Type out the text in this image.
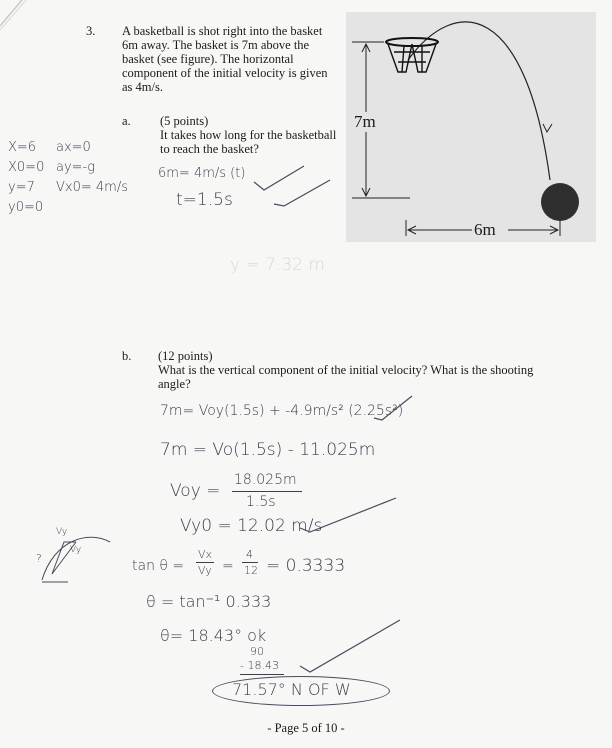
3. A basketball is shot right into the basket
6m away. The basket is 7m above the
basket (see figure). The horizontal
component of the initial velocity is given
as 4m/s.
7m
6m
a. (5 points)
It takes how long for the basketball
to reach the basket?
X=6 ax=0
X0=0 ay=-g
y=7 Vx0= 4m/s
y0=0
6m= 4m/s (t)
t=1.5s
y = 7.32 m
b. (12 points)
What is the vertical component of the initial velocity? What is the shooting
angle?
7m= Voy(1.5s) + -4.9m/s² (2.25s²)
7m = Vo(1.5s) - 11.025m
Voy =
18.025m
1.5s
Vy0 = 12.02 m/s
Vy
?
Vy
tan θ =
Vx
Vy =
4
12 = 0.3333
θ = tan⁻¹ 0.333
θ= 18.43° ok
90
- 18.43
71.57° N OF W
- Page 5 of 10 -
